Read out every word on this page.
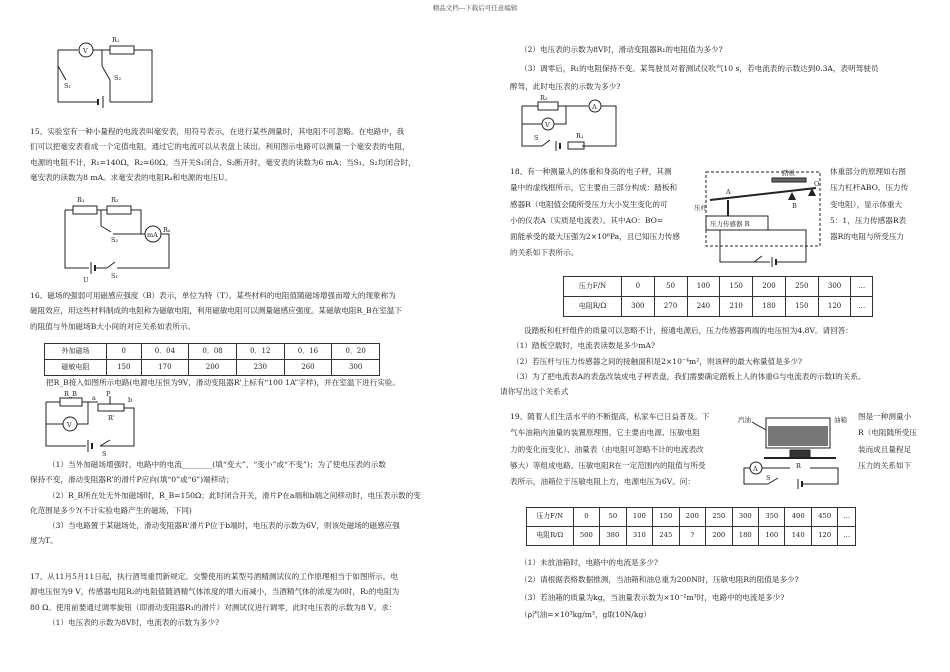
精品文档---下载后可任意编辑
V
R₁
S₁
S₂

15、实验室有一种小量程的电流表叫毫安表，用符号表示，在进行某些测量时，其电阻不可忽略。在电路中，我

们可以把毫安表看成一个定值电阻，通过它的电流可以从表盘上读出。利用图示电路可以测量一个毫安表的电阻，

电源的电阻不计，R₁=140Ω，R₂=60Ω。当开关S₁闭合、S₂断开时，毫安表的读数为6 mA；当S₁、S₂均闭合时，

毫安表的读数为8 mA。求毫安表的电阻Rₐ和电源的电压U。

R₁	R₂
S₂
mA
Rₐ
U	S₁

16、磁场的强弱可用磁感应强度（B）表示，单位为特（T）。某些材料的电阻值随磁场增强而增大的现象称为

磁阻效应，用这些材料制成的电阻称为磁敏电阻，利用磁敏电阻可以测量磁感应强度。某磁敏电阻R_B在室温下

的阻值与外加磁场B大小间的对应关系如表所示。

外加磁场	0	0．04	0．08	0．12	0．16	0．20
磁敏电阻	150	170	200	230	260	300
把R_B接入如图所示电路(电源电压恒为9V，滑动变阻器R'上标有“100 1A”字样)，并在室温下进行实验。
R_B a P
b
R'
V
S

（1）当外加磁场增强时，电路中的电流________(填“变大”、“变小”或“不变”)；为了使电压表的示数

保持不变，滑动变阻器R'的滑片P应向(填“0”或“6”)端移动；

（2）R_B所在处无外加磁场时，R_B=150Ω；此时闭合开关，滑片P在a端和b端之间移动时，电压表示数的变

化范围是多少?(不计实验电路产生的磁场，下同)

（3）当电路置于某磁场处，滑动变阻器R'滑片P位于b端时，电压表的示数为6V，则该处磁场的磁感应强

度为T。

17、从11月5月11日起，执行酒驾重罚新规定。交警使用的某型号酒精测试仪的工作原理相当于如图所示。电

源电压恒为9 V，传感器电阻R₂的电阻值随酒精气体浓度的增大而减小，当酒精气体的浓度为0时，R₂的电阻为

80 Ω。使用前要通过调零旋钮（即滑动变阻器R₁的滑片）对测试仪进行调零，此时电压表的示数为8 V。求：

（1）电压表的示数为8V时，电流表的示数为多少?

（2）电压表的示数为8V时，滑动变阻器R₁的电阻值为多少?

（3）调零后，R₁的电阻保持不变。某驾驶员对着测试仪吹气10 s，若电流表的示数达到0.3A，表明驾驶员

醉驾，此时电压表的示数为多少?

R₂
A
V
S	R₁

18、有一种测量人的体重和身高的电子秤，其测

量中的虚线框所示，它主要由三部分构成：踏板和

感器R（电阻值会随所受压力大小发生变化的可

小的仪表A（实质是电流表）。其中AO：BO=

面能承受的最大压强为2×10⁶Pa，且已知压力传感

的关系如下表所示。

踏板
A
B
O
压杆
压力传感器 R

体重部分的原理如右图

压力杠杆ABO，压力传

变电阻），显示体重大

5：1，压力传感器R表

器R的电阻与所受压力

压力F/N	0	50	100	150	200	250	300	…
电阻R/Ω	300	270	240	210	180	150	120	…

设踏板和杠杆组件的质量可以忽略不计，接通电源后，压力传感器两端的电压恒为4.8V。请回答：

（1）踏板空载时，电流表读数是多少mA?

（2）若压杆与压力传感器之间的接触面积是2×10⁻⁴m²，则该秤的最大称量值是多少?

（3）为了把电流表A的表盘改装成电子秤表盘，我们需要确定踏板上人的体重G与电流表的示数I的关系。

请你写出这个关系式

19、随着人们生活水平的不断提高，私家车已日益普及。下

气车油箱内油量的装置原理图，它主要由电源、压敏电阻

力的变化而变化）、油量表（由电阻可忽略不计的电流表改

够大）等组成电路。压敏电阻R在一定范围内的阻值与所受

表所示，油箱位于压敏电阻上方，电源电压为6V。问：

汽油	油箱
R
A
S

图是一种测量小

R（电阻随所受压

装而成且量程足

压力的关系如下

压力F/N	0	50	100	150	200	250	300	350	400	450	…
电阻R/Ω	500	380	310	245	?	200	180	160	140	120	…

（1）未放油箱时，电路中的电流是多少?

（2）请根据表格数据推测，当油箱和油总重为200N时，压敏电阻R的阻值是多少?

（3）若油箱的质量为kg，当油量表示数为×10⁻²m³时，电路中的电流是多少?

（ρ汽油=×10³kg/m³，g取10N/kg）
